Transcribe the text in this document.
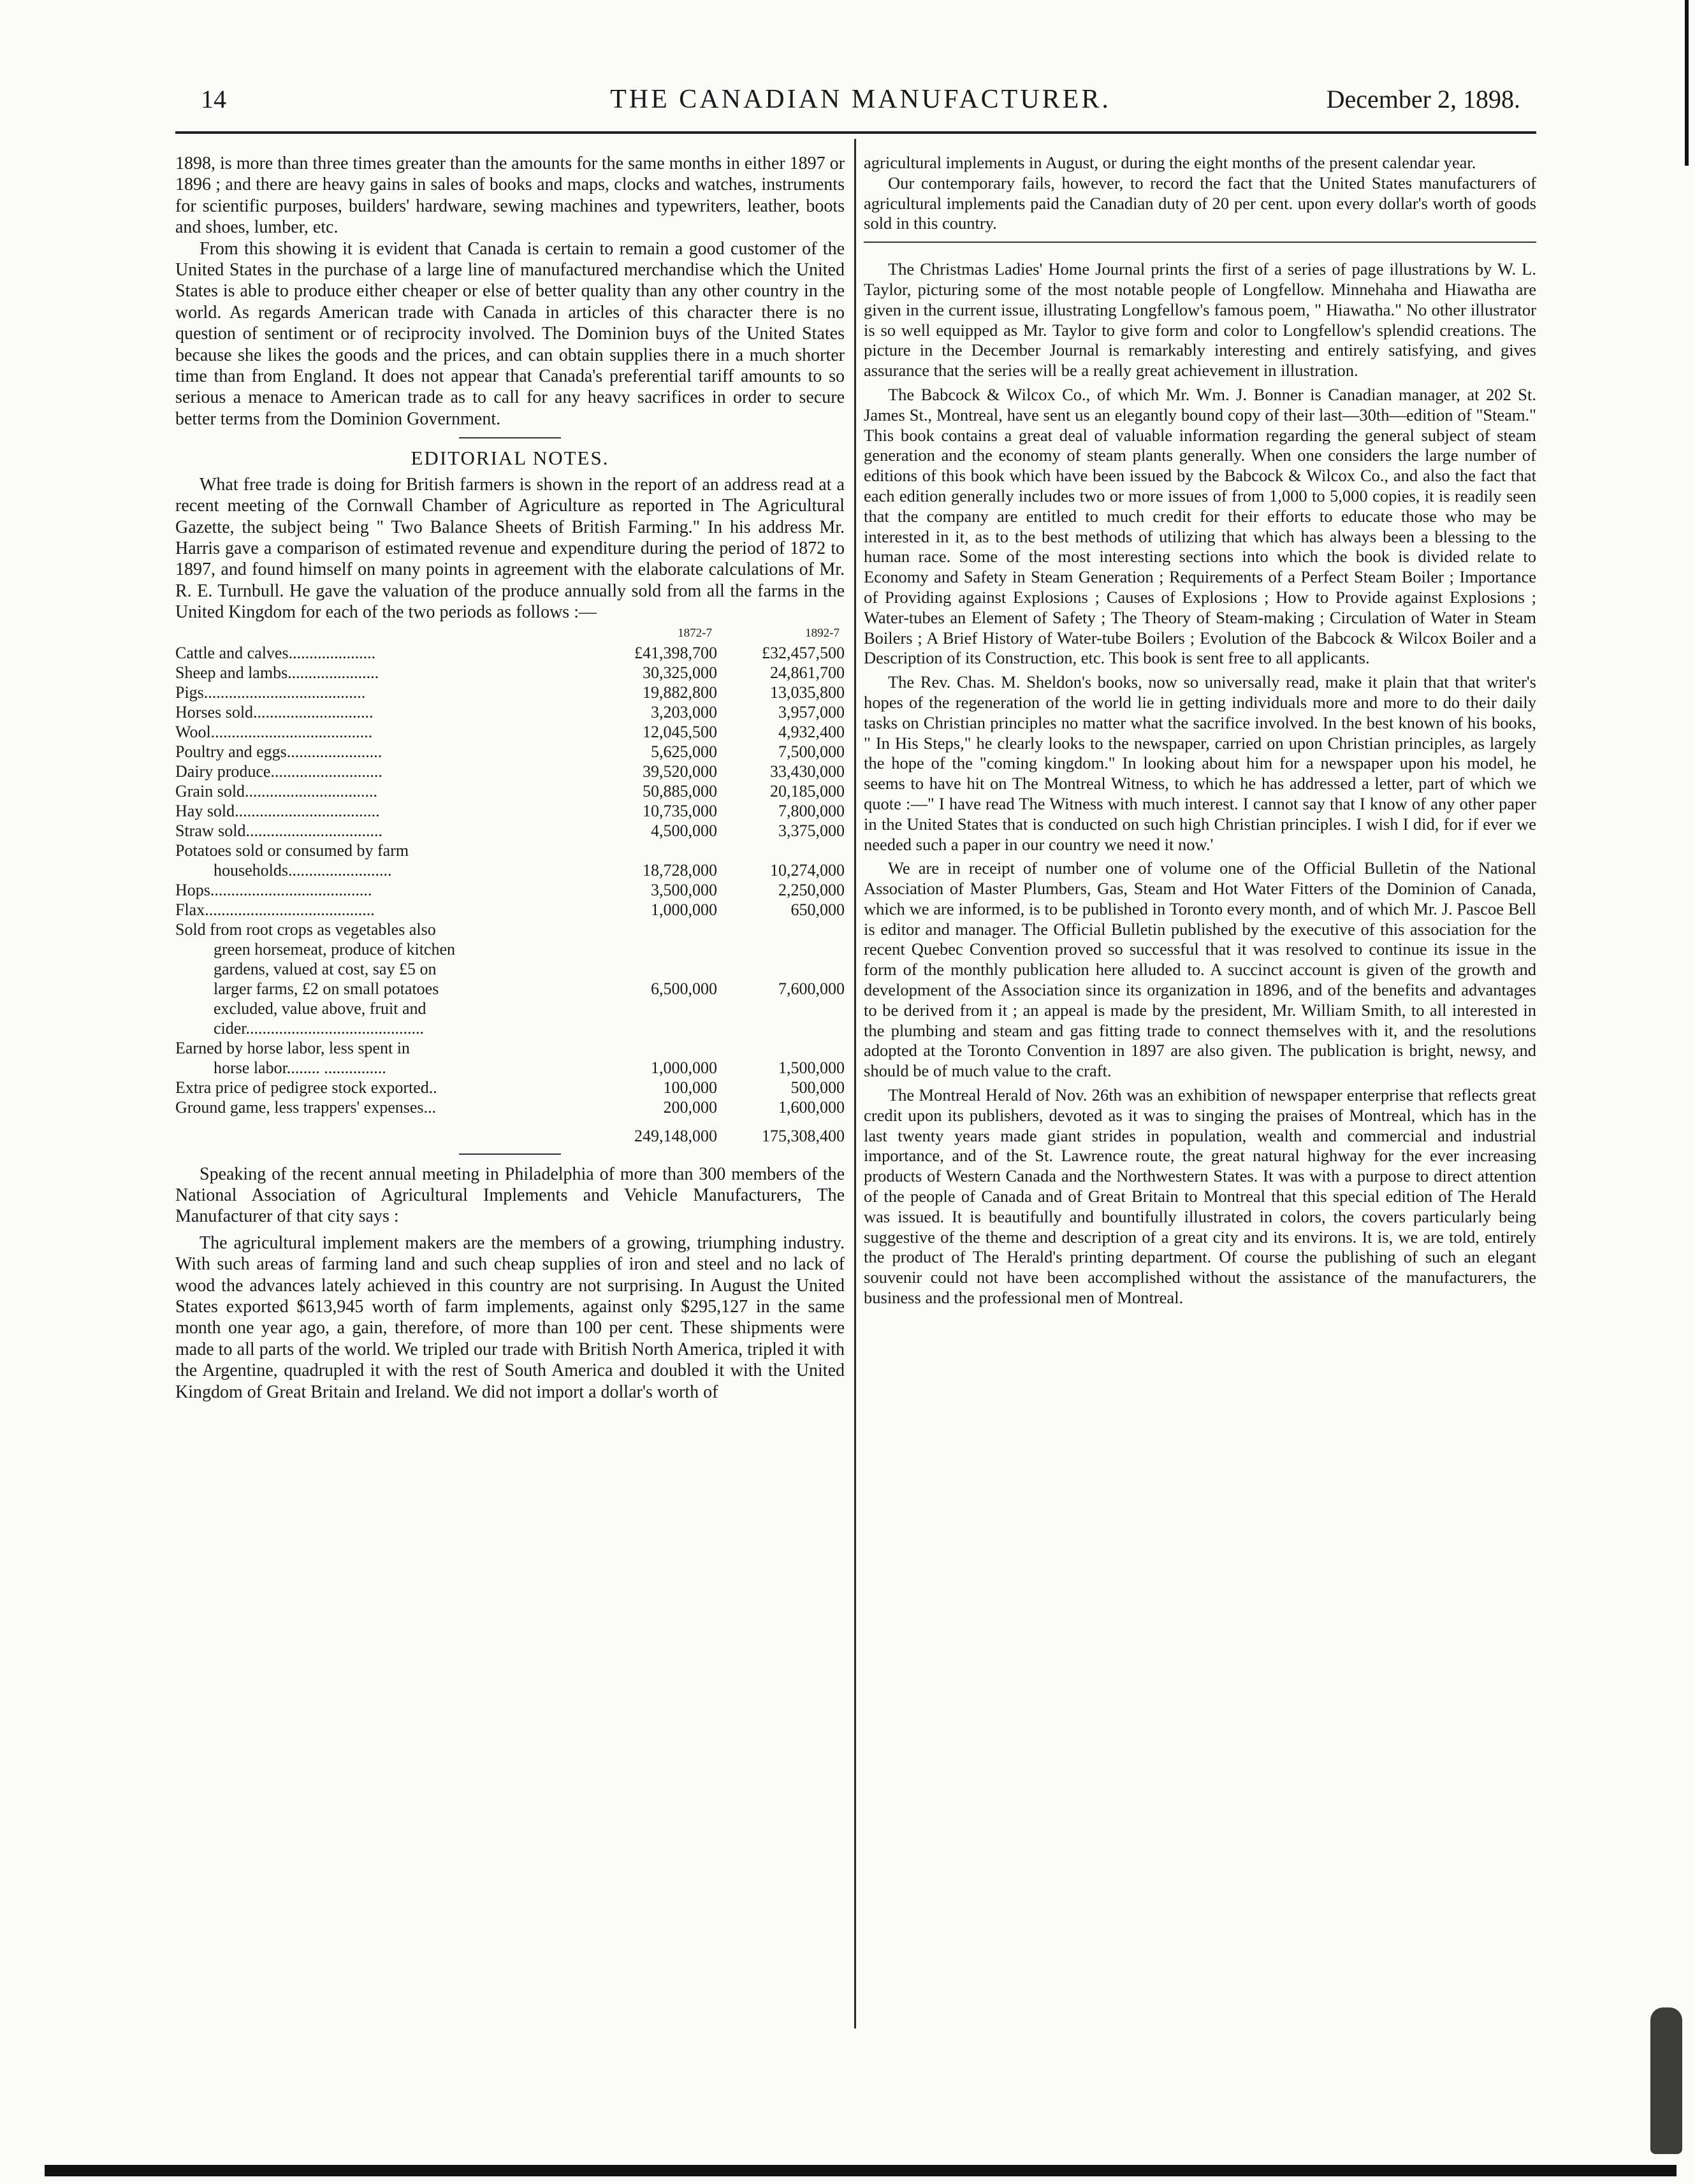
14	THE CANADIAN MANUFACTURER.	December 2, 1898.

1898, is more than three times greater than the amounts for the same months in either 1897 or 1896 ; and there are heavy gains in sales of books and maps, clocks and watches, instruments for scientific purposes, builders' hardware, sewing machines and typewriters, leather, boots and shoes, lumber, etc.

From this showing it is evident that Canada is certain to remain a good customer of the United States in the purchase of a large line of manufactured merchandise which the United States is able to produce either cheaper or else of better quality than any other country in the world. As regards American trade with Canada in articles of this character there is no question of sentiment or of reciprocity involved. The Dominion buys of the United States because she likes the goods and the prices, and can obtain supplies there in a much shorter time than from England. It does not appear that Canada's preferential tariff amounts to so serious a menace to American trade as to call for any heavy sacrifices in order to secure better terms from the Dominion Government.

EDITORIAL NOTES.

What free trade is doing for British farmers is shown in the report of an address read at a recent meeting of the Cornwall Chamber of Agriculture as reported in The Agricultural Gazette, the subject being " Two Balance Sheets of British Farming." In his address Mr. Harris gave a comparison of estimated revenue and expenditure during the period of 1872 to 1897, and found himself on many points in agreement with the elaborate calculations of Mr. R. E. Turnbull. He gave the valuation of the produce annually sold from all the farms in the United Kingdom for each of the two periods as follows :—

	1872-7	1892-7
Cattle and calves.....................	£41,398,700	£32,457,500
Sheep and lambs......................	30,325,000	24,861,700
Pigs.......................................	19,882,800	13,035,800
Horses sold.............................	3,203,000	3,957,000
Wool.......................................	12,045,500	4,932,400
Poultry and eggs.......................	5,625,000	7,500,000
Dairy produce...........................	39,520,000	33,430,000
Grain sold................................	50,885,000	20,185,000
Hay sold...................................	10,735,000	7,800,000
Straw sold.................................	4,500,000	3,375,000
Potatoes sold or consumed by farm		
households.........................	18,728,000	10,274,000
Hops.......................................	3,500,000	2,250,000
Flax.........................................	1,000,000	650,000
Sold from root crops as vegetables also		
green horsemeat, produce of kitchen		
gardens, valued at cost, say £5 on		
larger farms, £2 on small potatoes	6,500,000	7,600,000
excluded, value above, fruit and		
cider...........................................		
Earned by horse labor, less spent in		
horse labor........ ...............	1,000,000	1,500,000
Extra price of pedigree stock exported..	100,000	500,000
Ground game, less trappers' expenses...	200,000	1,600,000
	249,148,000	175,308,400

Speaking of the recent annual meeting in Philadelphia of more than 300 members of the National Association of Agricultural Implements and Vehicle Manufacturers, The Manufacturer of that city says :

The agricultural implement makers are the members of a growing, triumphing industry. With such areas of farming land and such cheap supplies of iron and steel and no lack of wood the advances lately achieved in this country are not surprising. In August the United States exported $613,945 worth of farm implements, against only $295,127 in the same month one year ago, a gain, therefore, of more than 100 per cent. These shipments were made to all parts of the world. We tripled our trade with British North America, tripled it with the Argentine, quadrupled it with the rest of South America and doubled it with the United Kingdom of Great Britain and Ireland. We did not import a dollar's worth of

agricultural implements in August, or during the eight months of the present calendar year.

Our contemporary fails, however, to record the fact that the United States manufacturers of agricultural implements paid the Canadian duty of 20 per cent. upon every dollar's worth of goods sold in this country.

The Christmas Ladies' Home Journal prints the first of a series of page illustrations by W. L. Taylor, picturing some of the most notable people of Longfellow. Minnehaha and Hiawatha are given in the current issue, illustrating Longfellow's famous poem, " Hiawatha." No other illustrator is so well equipped as Mr. Taylor to give form and color to Longfellow's splendid creations. The picture in the December Journal is remarkably interesting and entirely satisfying, and gives assurance that the series will be a really great achievement in illustration.

The Babcock & Wilcox Co., of which Mr. Wm. J. Bonner is Canadian manager, at 202 St. James St., Montreal, have sent us an elegantly bound copy of their last—30th—edition of "Steam." This book contains a great deal of valuable information regarding the general subject of steam generation and the economy of steam plants generally. When one considers the large number of editions of this book which have been issued by the Babcock & Wilcox Co., and also the fact that each edition generally includes two or more issues of from 1,000 to 5,000 copies, it is readily seen that the company are entitled to much credit for their efforts to educate those who may be interested in it, as to the best methods of utilizing that which has always been a blessing to the human race. Some of the most interesting sections into which the book is divided relate to Economy and Safety in Steam Generation ; Requirements of a Perfect Steam Boiler ; Importance of Providing against Explosions ; Causes of Explosions ; How to Provide against Explosions ; Water-tubes an Element of Safety ; The Theory of Steam-making ; Circulation of Water in Steam Boilers ; A Brief History of Water-tube Boilers ; Evolution of the Babcock & Wilcox Boiler and a Description of its Construction, etc. This book is sent free to all applicants.

The Rev. Chas. M. Sheldon's books, now so universally read, make it plain that that writer's hopes of the regeneration of the world lie in getting individuals more and more to do their daily tasks on Christian principles no matter what the sacrifice involved. In the best known of his books, " In His Steps," he clearly looks to the newspaper, carried on upon Christian principles, as largely the hope of the "coming kingdom." In looking about him for a newspaper upon his model, he seems to have hit on The Montreal Witness, to which he has addressed a letter, part of which we quote :—" I have read The Witness with much interest. I cannot say that I know of any other paper in the United States that is conducted on such high Christian principles. I wish I did, for if ever we needed such a paper in our country we need it now.'

We are in receipt of number one of volume one of the Official Bulletin of the National Association of Master Plumbers, Gas, Steam and Hot Water Fitters of the Dominion of Canada, which we are informed, is to be published in Toronto every month, and of which Mr. J. Pascoe Bell is editor and manager. The Official Bulletin published by the executive of this association for the recent Quebec Convention proved so successful that it was resolved to continue its issue in the form of the monthly publication here alluded to. A succinct account is given of the growth and development of the Association since its organization in 1896, and of the benefits and advantages to be derived from it ; an appeal is made by the president, Mr. William Smith, to all interested in the plumbing and steam and gas fitting trade to connect themselves with it, and the resolutions adopted at the Toronto Convention in 1897 are also given. The publication is bright, newsy, and should be of much value to the craft.

The Montreal Herald of Nov. 26th was an exhibition of newspaper enterprise that reflects great credit upon its publishers, devoted as it was to singing the praises of Montreal, which has in the last twenty years made giant strides in population, wealth and commercial and industrial importance, and of the St. Lawrence route, the great natural highway for the ever increasing products of Western Canada and the Northwestern States. It was with a purpose to direct attention of the people of Canada and of Great Britain to Montreal that this special edition of The Herald was issued. It is beautifully and bountifully illustrated in colors, the covers particularly being suggestive of the theme and description of a great city and its environs. It is, we are told, entirely the product of The Herald's printing department. Of course the publishing of such an elegant souvenir could not have been accomplished without the assistance of the manufacturers, the business and the professional men of Montreal.
